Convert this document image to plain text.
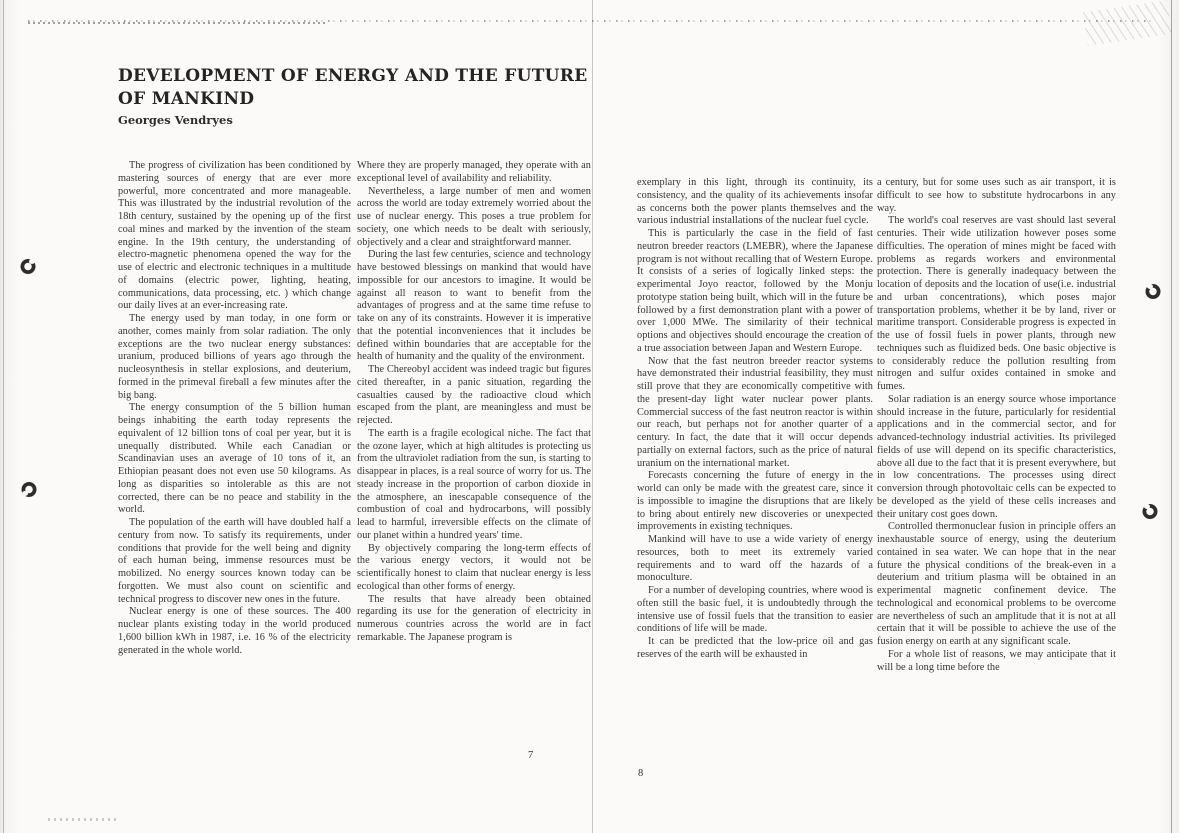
DEVELOPMENT OF ENERGY AND THE FUTURE OF MANKIND
Georges Vendryes

The progress of civilization has been conditioned by mastering sources of energy that are ever more powerful, more concentrated and more manageable. This was illustrated by the industrial revolution of the 18th century, sustained by the opening up of the first coal mines and marked by the invention of the steam engine. In the 19th century, the understanding of electro-magnetic phenomena opened the way for the use of electric and electronic techniques in a multitude of domains (electric power, lighting, heating, communications, data processing, etc. ) which change our daily lives at an ever-increasing rate.

The energy used by man today, in one form or another, comes mainly from solar radiation. The only exceptions are the two nuclear energy substances: uranium, produced billions of years ago through the nucleosynthesis in stellar explosions, and deuterium, formed in the primeval fireball a few minutes after the big bang.

The energy consumption of the 5 billion human beings inhabiting the earth today represents the equivalent of 12 billion tons of coal per year, but it is unequally distributed. While each Canadian or Scandinavian uses an average of 10 tons of it, an Ethiopian peasant does not even use 50 kilograms. As long as disparities so intolerable as this are not corrected, there can be no peace and stability in the world.

The population of the earth will have doubled half a century from now. To satisfy its requirements, under conditions that provide for the well being and dignity of each human being, immense resources must be mobilized. No energy sources known today can be forgotten. We must also count on scientific and technical progress to discover new ones in the future.

Nuclear energy is one of these sources. The 400 nuclear plants existing today in the world produced 1,600 billion kWh in 1987, i.e. 16 % of the electricity generated in the whole world.

Where they are properly managed, they operate with an exceptional level of availability and reliability.

Nevertheless, a large number of men and women across the world are today extremely worried about the use of nuclear energy. This poses a true problem for society, one which needs to be dealt with seriously, objectively and a clear and straightforward manner.

During the last few centuries, science and technology have bestowed blessings on mankind that would have impossible for our ancestors to imagine. It would be against all reason to want to benefit from the advantages of progress and at the same time refuse to take on any of its constraints. However it is imperative that the potential inconveniences that it includes be defined within boundaries that are acceptable for the health of humanity and the quality of the environment.

The Chereobyl accident was indeed tragic but figures cited thereafter, in a panic situation, regarding the casualties caused by the radioactive cloud which escaped from the plant, are meaningless and must be rejected.

The earth is a fragile ecological niche. The fact that the ozone layer, which at high altitudes is protecting us from the ultraviolet radiation from the sun, is starting to disappear in places, is a real source of worry for us. The steady increase in the proportion of carbon dioxide in the atmosphere, an inescapable consequence of the combustion of coal and hydrocarbons, will possibly lead to harmful, irreversible effects on the climate of our planet within a hundred years' time.

By objectively comparing the long-term effects of the various energy vectors, it would not be scientifically honest to claim that nuclear energy is less ecological than other forms of energy.

The results that have already been obtained regarding its use for the generation of electricity in numerous countries across the world are in fact remarkable. The Japanese program is

7

exemplary in this light, through its continuity, its consistency, and the quality of its achievements insofar as concerns both the power plants themselves and the various industrial installations of the nuclear fuel cycle.

This is particularly the case in the field of fast neutron breeder reactors (LMEBR), where the Japanese program is not without recalling that of Western Europe. It consists of a series of logically linked steps: the experimental Joyo reactor, followed by the Monju prototype station being built, which will in the future be followed by a first demonstration plant with a power of over 1,000 MWe. The similarity of their technical options and objectives should encourage the creation of a true association between Japan and Western Europe.

Now that the fast neutron breeder reactor systems have demonstrated their industrial feasibility, they must still prove that they are economically competitive with the present-day light water nuclear power plants. Commercial success of the fast neutron reactor is within our reach, but perhaps not for another quarter of a century. In fact, the date that it will occur depends partially on external factors, such as the price of natural uranium on the international market.

Forecasts concerning the future of energy in the world can only be made with the greatest care, since it is impossible to imagine the disruptions that are likely to bring about entirely new discoveries or unexpected improvements in existing techniques.

Mankind will have to use a wide variety of energy resources, both to meet its extremely varied requirements and to ward off the hazards of a monoculture.

For a number of developing countries, where wood is often still the basic fuel, it is undoubtedly through the intensive use of fossil fuels that the transition to easier conditions of life will be made.

It can be predicted that the low-price oil and gas reserves of the earth will be exhausted in

a century, but for some uses such as air transport, it is difficult to see how to substitute hydrocarbons in any way.

The world's coal reserves are vast should last several centuries. Their wide utilization however poses some difficulties. The operation of mines might be faced with problems as regards workers and environmental protection. There is generally inadequacy between the location of deposits and the location of use(i.e. industrial and urban concentrations), which poses major transportation problems, whether it be by land, river or maritime transport. Considerable progress is expected in the use of fossil fuels in power plants, through new techniques such as fluidized beds. One basic objective is to considerably reduce the pollution resulting from nitrogen and sulfur oxides contained in smoke and fumes.

Solar radiation is an energy source whose importance should increase in the future, particularly for residential applications and in the commercial sector, and for advanced-technology industrial activities. Its privileged fields of use will depend on its specific characteristics, above all due to the fact that it is present everywhere, but in low concentrations. The processes using direct conversion through photovoltaic cells can be expected to be developed as the yield of these cells increases and their unitary cost goes down.

Controlled thermonuclear fusion in principle offers an inexhaustable source of energy, using the deuterium contained in sea water. We can hope that in the near future the physical conditions of the break-even in a deuterium and tritium plasma will be obtained in an experimental magnetic confinement device. The technological and economical problems to be overcome are nevertheless of such an amplitude that it is not at all certain that it will be possible to achieve the use of the fusion energy on earth at any significant scale.

For a whole list of reasons, we may anticipate that it will be a long time before the

8
